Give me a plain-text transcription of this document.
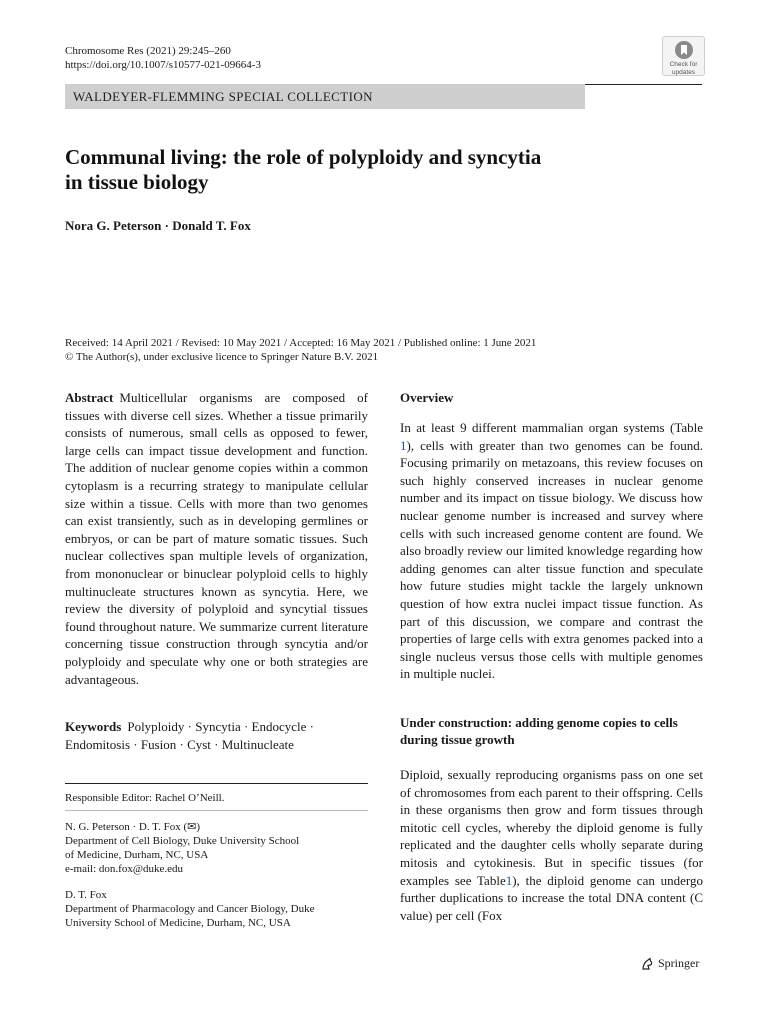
Chromosome Res (2021) 29:245–260
https://doi.org/10.1007/s10577-021-09664-3	Check for
updates
WALDEYER-FLEMMING SPECIAL COLLECTION
Communal living: the role of polyploidy and syncytia
in tissue biology
Nora G. Peterson · Donald T. Fox
Received: 14 April 2021 / Revised: 10 May 2021 / Accepted: 16 May 2021 / Published online: 1 June 2021
© The Author(s), under exclusive licence to Springer Nature B.V. 2021

Abstract Multicellular organisms are composed of tissues with diverse cell sizes. Whether a tissue primarily consists of numerous, small cells as opposed to fewer, large cells can impact tissue development and function. The addition of nuclear genome copies within a common cytoplasm is a recurring strategy to manipulate cellular size within a tissue. Cells with more than two genomes can exist transiently, such as in developing germlines or embryos, or can be part of mature somatic tissues. Such nuclear collectives span multiple levels of organization, from mononuclear or binuclear polyploid cells to highly multinucleate structures known as syncytia. Here, we review the diversity of polyploid and syncytial tissues found throughout nature. We summarize current literature concerning tissue construction through syncytia and/or polyploidy and speculate why one or both strategies are advantageous.

Keywords Polyploidy · Syncytia · Endocycle · Endomitosis · Fusion · Cyst · Multinucleate

Responsible Editor: Rachel O’Neill.
N. G. Peterson · D. T. Fox (✉)
Department of Cell Biology, Duke University School
of Medicine, Durham, NC, USA
e-mail: don.fox@duke.edu
D. T. Fox
Department of Pharmacology and Cancer Biology, Duke
University School of Medicine, Durham, NC, USA
Overview

In at least 9 different mammalian organ systems (Table 1), cells with greater than two genomes can be found. Focusing primarily on metazoans, this review focuses on such highly conserved increases in nuclear genome number and its impact on tissue biology. We discuss how nuclear genome number is increased and survey where cells with such increased genome content are found. We also broadly review our limited knowledge regarding how adding genomes can alter tissue function and speculate how future studies might tackle the largely unknown question of how extra nuclei impact tissue function. As part of this discussion, we compare and contrast the properties of large cells with extra genomes packed into a single nucleus versus those cells with multiple genomes in multiple nuclei.

Under construction: adding genome copies to cells during tissue growth

Diploid, sexually reproducing organisms pass on one set of chromosomes from each parent to their offspring. Cells in these organisms then grow and form tissues through mitotic cell cycles, whereby the diploid genome is fully replicated and the daughter cells wholly separate during mitosis and cytokinesis. But in specific tissues (for examples see Table1), the diploid genome can undergo further duplications to increase the total DNA content (C value) per cell (Fox

Springer
